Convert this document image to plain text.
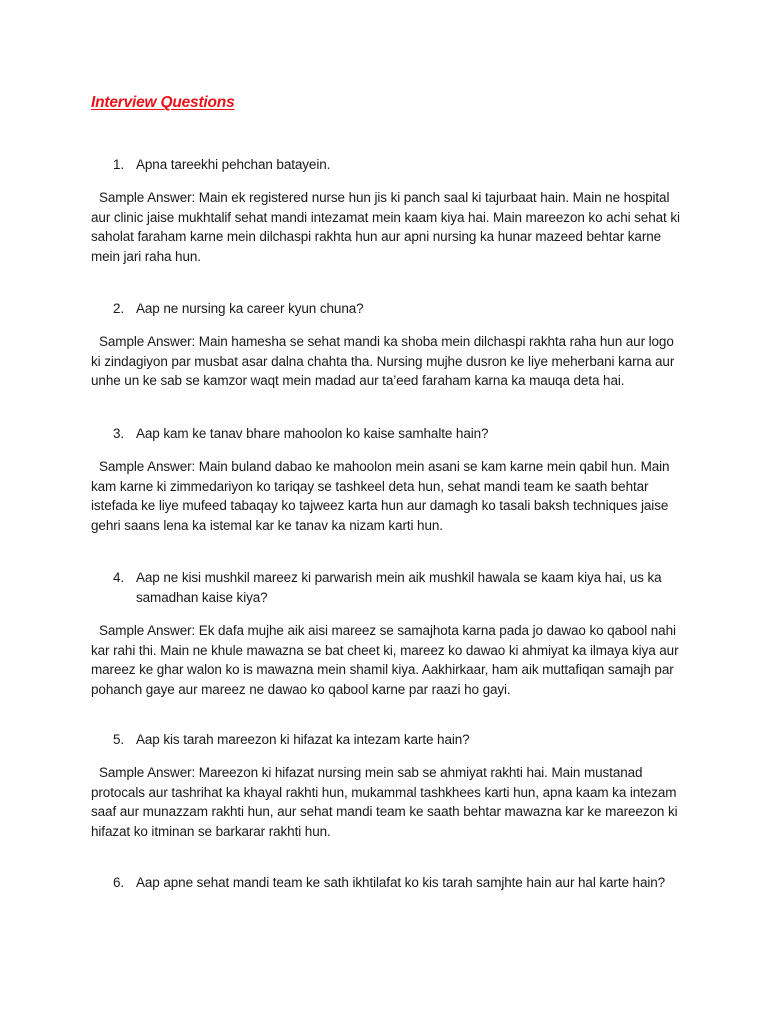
Interview Questions
1. Apna tareekhi pehchan batayein.
Sample Answer: Main ek registered nurse hun jis ki panch saal ki tajurbaat hain. Main ne hospital aur clinic jaise mukhtalif sehat mandi intezamat mein kaam kiya hai. Main mareezon ko achi sehat ki saholat faraham karne mein dilchaspi rakhta hun aur apni nursing ka hunar mazeed behtar karne mein jari raha hun.
2. Aap ne nursing ka career kyun chuna?
Sample Answer: Main hamesha se sehat mandi ka shoba mein dilchaspi rakhta raha hun aur logo ki zindagiyon par musbat asar dalna chahta tha. Nursing mujhe dusron ke liye meherbani karna aur unhe un ke sab se kamzor waqt mein madad aur ta’eed faraham karna ka mauqa deta hai.
3. Aap kam ke tanav bhare mahoolon ko kaise samhalte hain?
Sample Answer: Main buland dabao ke mahoolon mein asani se kam karne mein qabil hun. Main kam karne ki zimmedariyon ko tariqay se tashkeel deta hun, sehat mandi team ke saath behtar istefada ke liye mufeed tabaqay ko tajweez karta hun aur damagh ko tasali baksh techniques jaise gehri saans lena ka istemal kar ke tanav ka nizam karti hun.
4. Aap ne kisi mushkil mareez ki parwarish mein aik mushkil hawala se kaam kiya hai, us ka samadhan kaise kiya?
Sample Answer: Ek dafa mujhe aik aisi mareez se samajhota karna pada jo dawao ko qabool nahi kar rahi thi. Main ne khule mawazna se bat cheet ki, mareez ko dawao ki ahmiyat ka ilmaya kiya aur mareez ke ghar walon ko is mawazna mein shamil kiya. Aakhirkaar, ham aik muttafiqan samajh par pohanch gaye aur mareez ne dawao ko qabool karne par raazi ho gayi.
5. Aap kis tarah mareezon ki hifazat ka intezam karte hain?
Sample Answer: Mareezon ki hifazat nursing mein sab se ahmiyat rakhti hai. Main mustanad protocals aur tashrihat ka khayal rakhti hun, mukammal tashkhees karti hun, apna kaam ka intezam saaf aur munazzam rakhti hun, aur sehat mandi team ke saath behtar mawazna kar ke mareezon ki hifazat ko itminan se barkarar rakhti hun.
6. Aap apne sehat mandi team ke sath ikhtilafat ko kis tarah samjhte hain aur hal karte hain?
